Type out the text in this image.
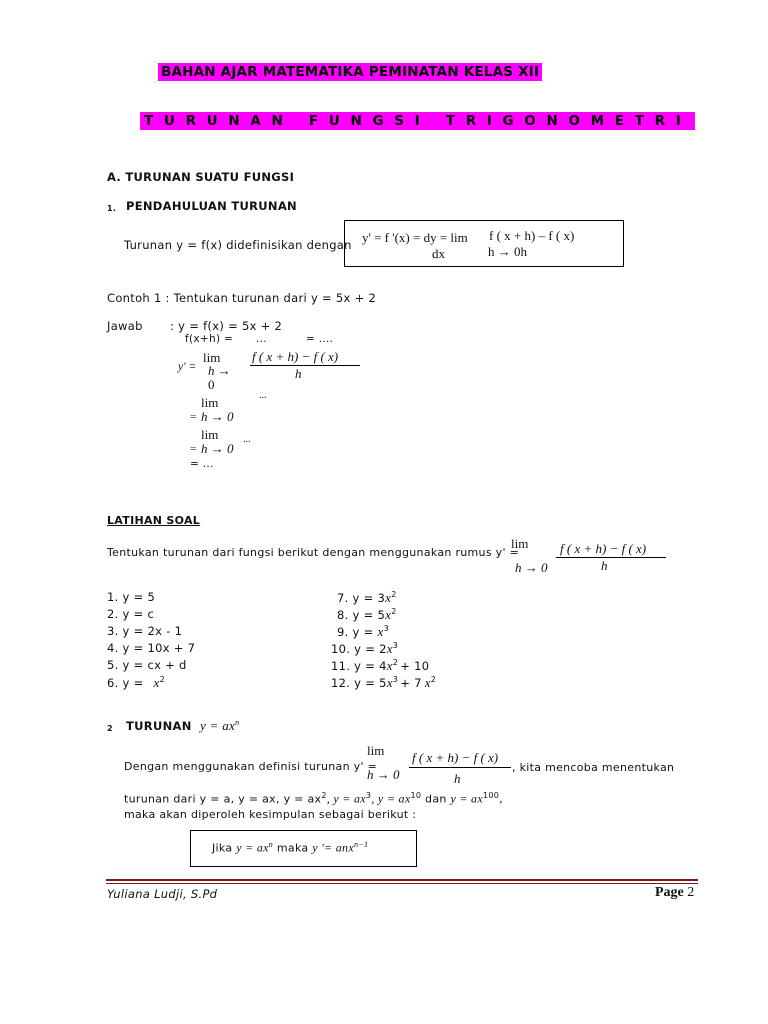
BAHAN AJAR MATEMATIKA PEMINATAN KELAS XII
TURUNAN FUNGSI TRIGONOMETRI
A. TURUNAN SUATU FUNGSI
1. PENDAHULUAN TURUNAN
Turunan y = f(x) didefinisikan dengan y' = f '(x) = dy = lim f ( x + h) – f ( x)
dx	h → 0h
Contoh 1 : Tentukan turunan dari y = 5x + 2
Jawab : y = f(x) = 5x + 2
f(x+h) = ...	= ....
y' =
lim
h →
0
f ( x + h) − f ( x)
h
lim
= h → 0
...
lim
= h → 0
...
= ...
LATIHAN SOAL
Tentukan turunan dari fungsi berikut dengan menggunakan rumus y' =
lim
h → 0
f ( x + h) − f ( x)
h
1. y = 5
2. y = c
3. y = 2x - 1
4. y = 10x + 7
5. y = cx + d
6. $y = x^2$
7. $y = 3x^2$
8. $y = 5x^2$
9. $y = x^3$
10. $y = 2x^3$
11. $y = 4x^2 + 10$
12. $y = 5x^3 + 7$ $x^2$
2 TURUNAN $y = ax^n$
Dengan menggunakan definisi turunan y' =
lim
h → 0
f ( x + h) − f ( x)
h
, kita mencoba menentukan
turunan dari y = a, y = ax, $y = ax^2$, $y = ax^3$, $y = ax^{10}$ dan $y = ax^{100}$,
maka akan diperoleh kesimpulan sebagai berikut :
Jika $y = ax^n$ maka y '= anx$^{n-1}$
Yuliana Ludji, S.Pd	Page 2
